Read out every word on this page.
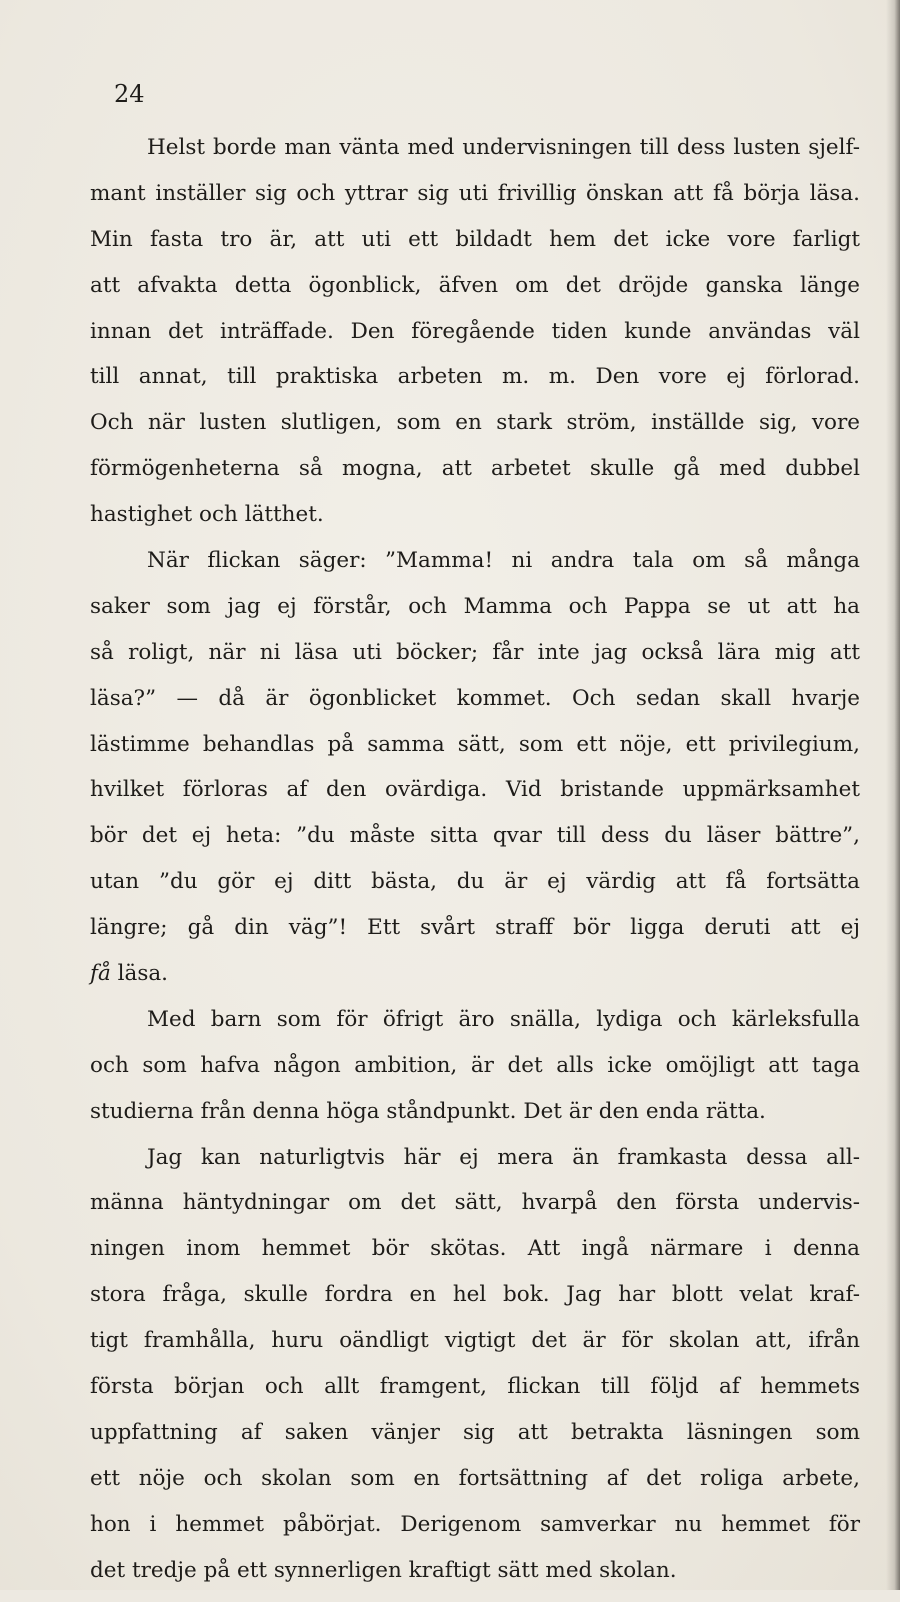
24

Helst borde man vänta med undervisningen till dess lusten sjelf-
mant inställer sig och yttrar sig uti frivillig önskan att få börja läsa.
Min fasta tro är, att uti ett bildadt hem det icke vore farligt
att afvakta detta ögonblick, äfven om det dröjde ganska länge
innan det inträffade. Den föregående tiden kunde användas väl
till annat, till praktiska arbeten m. m. Den vore ej förlorad.
Och när lusten slutligen, som en stark ström, inställde sig, vore
förmögenheterna så mogna, att arbetet skulle gå med dubbel
hastighet och lätthet.
När flickan säger: ”Mamma! ni andra tala om så många
saker som jag ej förstår, och Mamma och Pappa se ut att ha
så roligt, när ni läsa uti böcker; får inte jag också lära mig att
läsa?” — då är ögonblicket kommet. Och sedan skall hvarje
lästimme behandlas på samma sätt, som ett nöje, ett privilegium,
hvilket förloras af den ovärdiga. Vid bristande uppmärksamhet
bör det ej heta: ”du måste sitta qvar till dess du läser bättre”,
utan ”du gör ej ditt bästa, du är ej värdig att få fortsätta
längre; gå din väg”! Ett svårt straff bör ligga deruti att ej
få läsa.
Med barn som för öfrigt äro snälla, lydiga och kärleksfulla
och som hafva någon ambition, är det alls icke omöjligt att taga
studierna från denna höga ståndpunkt. Det är den enda rätta.
Jag kan naturligtvis här ej mera än framkasta dessa all-
männa häntydningar om det sätt, hvarpå den första undervis-
ningen inom hemmet bör skötas. Att ingå närmare i denna
stora fråga, skulle fordra en hel bok. Jag har blott velat kraf-
tigt framhålla, huru oändligt vigtigt det är för skolan att, ifrån
första början och allt framgent, flickan till följd af hemmets
uppfattning af saken vänjer sig att betrakta läsningen som
ett nöje och skolan som en fortsättning af det roliga arbete,
hon i hemmet påbörjat. Derigenom samverkar nu hemmet för
det tredje på ett synnerligen kraftigt sätt med skolan.
